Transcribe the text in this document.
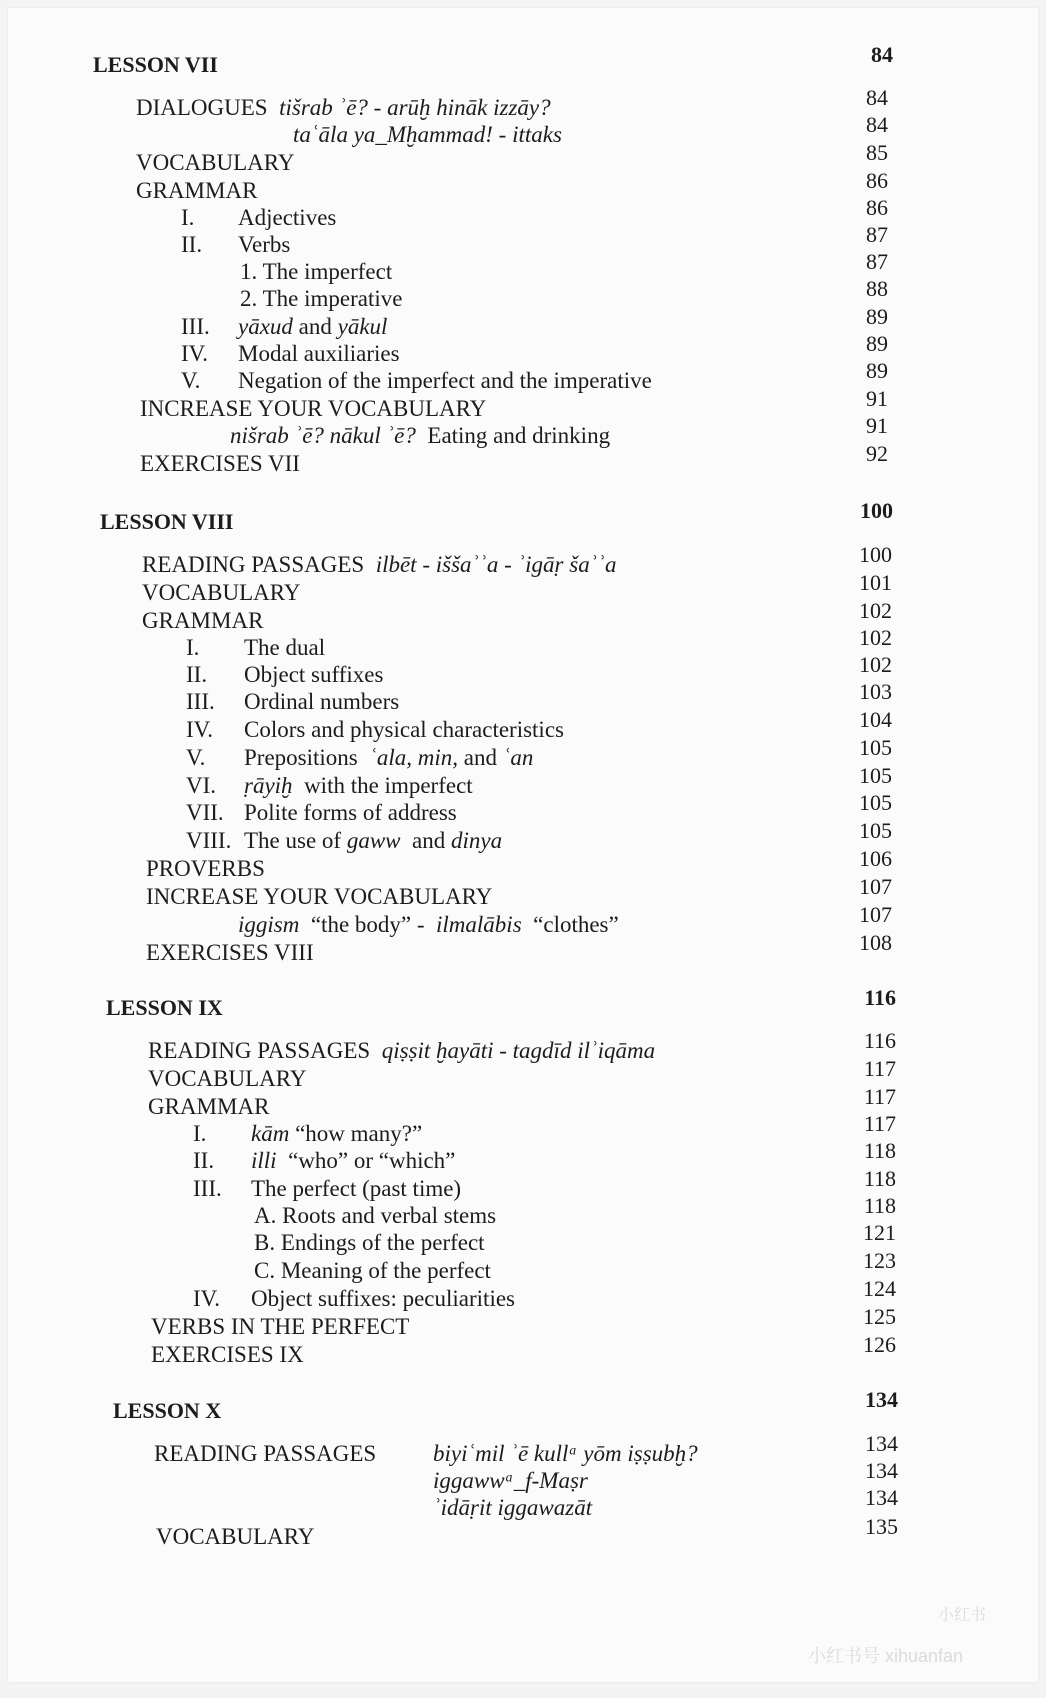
LESSON VII	84
DIALOGUES tišrab ʾē? - arūḫ hināk izzāy?	84
taʿāla ya_Mḫammad! - ittaks	84
VOCABULARY	85
GRAMMAR	86
I. Adjectives	86
II. Verbs	87
1. The imperfect	87
2. The imperative	88
III. yāxud and yākul	89
IV. Modal auxiliaries	89
V. Negation of the imperfect and the imperative	89
INCREASE YOUR VOCABULARY	91
nišrab ʾē? nākul ʾē? Eating and drinking	91
EXERCISES VII	92
LESSON VIII	100
READING PASSAGES ilbēt - iššaʾʾa - ʾigāṛ šaʾʾa	100
VOCABULARY	101
GRAMMAR	102
I. The dual	102
II. Object suffixes	102
III. Ordinal numbers	103
IV. Colors and physical characteristics	104
V. Prepositions ʿala, min, and ʿan	105
VI. ṛāyiḫ with the imperfect	105
VII. Polite forms of address	105
VIII. The use of gaww and dinya	105
PROVERBS	106
INCREASE YOUR VOCABULARY	107
iggism “the body” - ilmalābis “clothes”	107
EXERCISES VIII	108
LESSON IX	116
READING PASSAGES qiṣṣit ḫayāti - tagdīd ilʾiqāma	116
VOCABULARY	117
GRAMMAR	117
I. kām “how many?”	117
II. illi “who” or “which”	118
III. The perfect (past time)	118
A. Roots and verbal stems	118
B. Endings of the perfect	121
C. Meaning of the perfect	123
IV. Object suffixes: peculiarities	124
VERBS IN THE PERFECT	125
EXERCISES IX	126
LESSON X	134
READING PASSAGES biyiʿmil ʾē kullᵃ yōm iṣṣubḫ?	134
iggawwᵃ_f-Maṣr	134
ʾidāṛit iggawazāt	134
VOCABULARY	135
小红书
小红书号 xihuanfan
